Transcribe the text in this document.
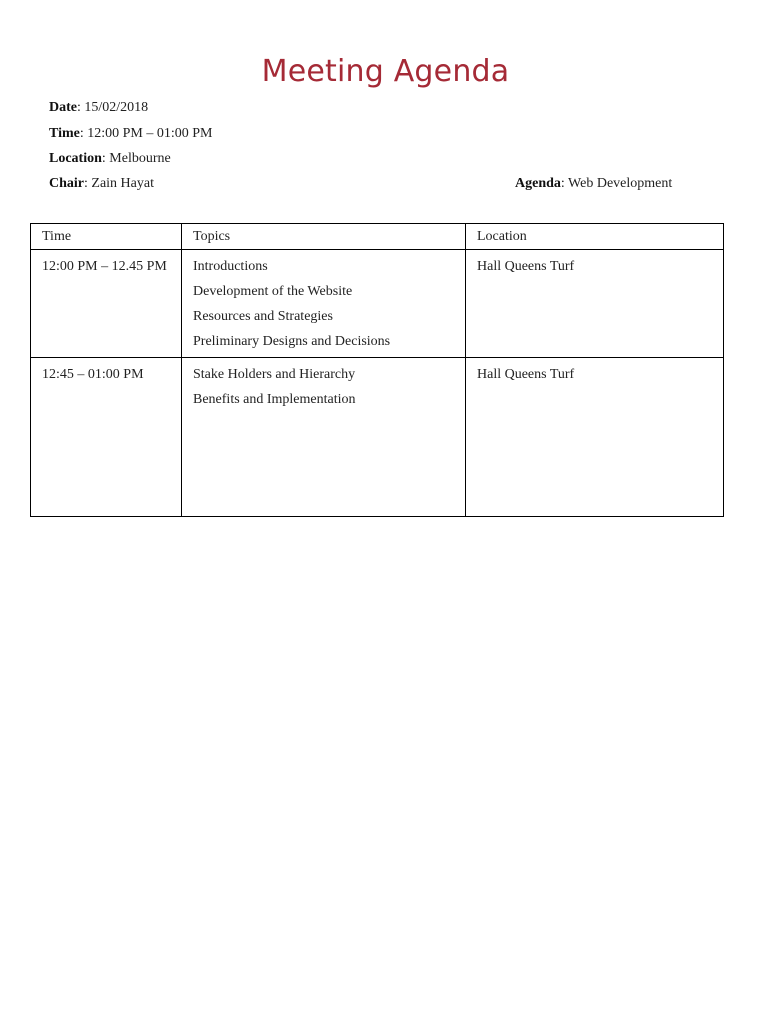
Meeting Agenda
Date: 15/02/2018
Time: 12:00 PM – 01:00 PM
Location: Melbourne
Chair: Zain Hayat	Agenda: Web Development
Time	Topics	Location

12:00 PM – 12.45 PM	Introductions
Development of the Website
Resources and Strategies
Preliminary Designs and Decisions	Hall Queens Turf

12:45 – 01:00 PM	Stake Holders and Hierarchy
Benefits and Implementation	Hall Queens Turf
